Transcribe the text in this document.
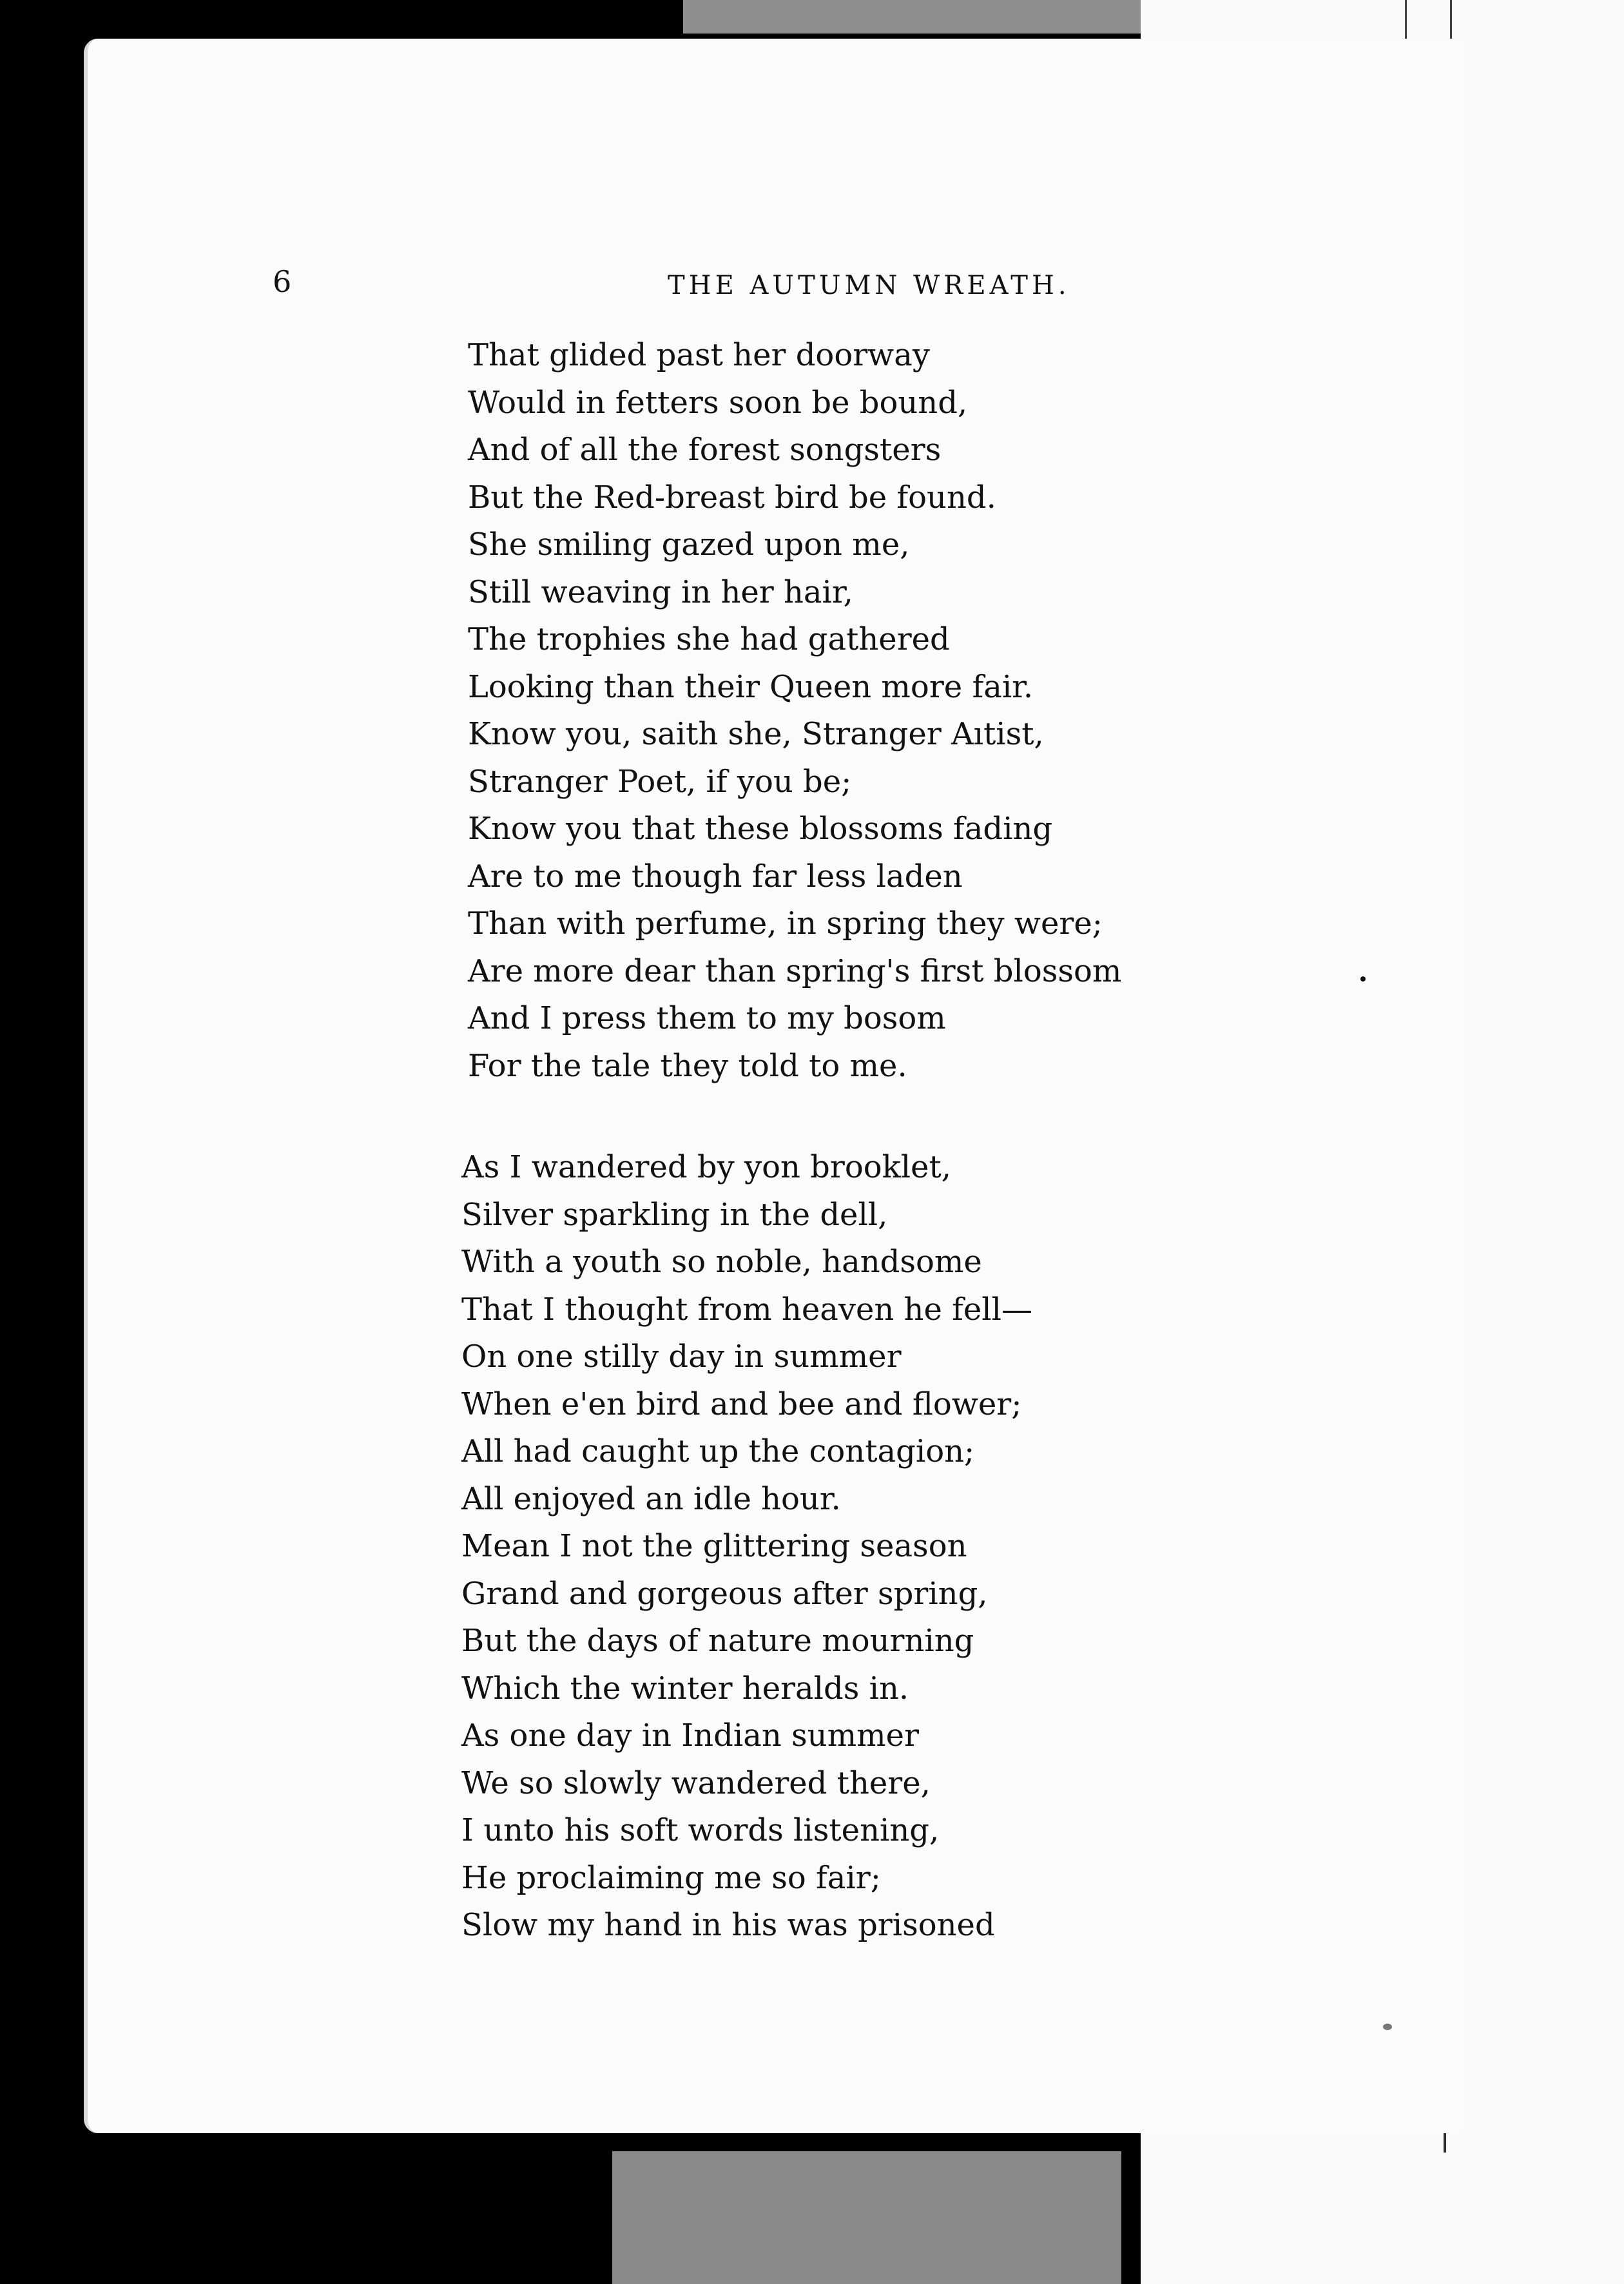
6	THE AUTUMN WREATH.
That glided past her doorway
Would in fetters soon be bound,
And of all the forest songsters
But the Red-breast bird be found.
She smiling gazed upon me,
Still weaving in her hair,
The trophies she had gathered
Looking than their Queen more fair.
Know you, saith she, Stranger Aıtist,
Stranger Poet, if you be;
Know you that these blossoms fading
Are to me though far less laden
Than with perfume, in spring they were;
Are more dear than spring's first blossom
And I press them to my bosom
For the tale they told to me.
As I wandered by yon brooklet,
Silver sparkling in the dell,
With a youth so noble, handsome
That I thought from heaven he fell—
On one stilly day in summer
When e'en bird and bee and flower;
All had caught up the contagion;
All enjoyed an idle hour.
Mean I not the glittering season
Grand and gorgeous after spring,
But the days of nature mourning
Which the winter heralds in.
As one day in Indian summer
We so slowly wandered there,
I unto his soft words listening,
He proclaiming me so fair;
Slow my hand in his was prisoned
